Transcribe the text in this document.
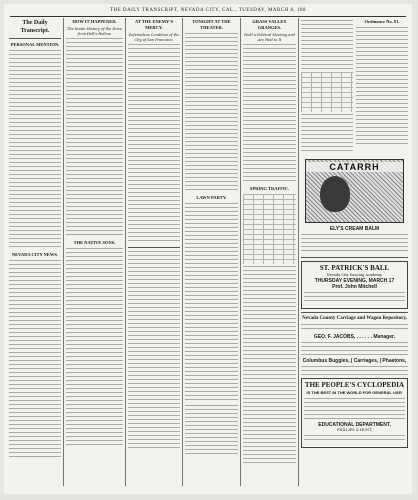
THE DAILY TRANSCRIPT, NEVADA CITY, CAL., TUESDAY, MARCH 8, 188
The Daily Transcript.
PERSONAL MENTION.
NEVADA CITY NEWS.
HOW IT HAPPENED.
The Inside History of the Drive from Hell's Hollow.
THE NATIVE SONS.
AT THE ENEMY'S MERCY.
Defenseless Condition of the City of San Francisco.
TONIGHT AT THE THEATER.
LAWN PARTY.
GRASS VALLEY GRANGES.
Hold a Political Meeting and Are Paid to It
SPRING TRAFFIC.
Ordinance No. 81.
CATARRH
ELY'S CREAM BALM
ST. PATRICK'S BALL
Nevada City Dancing Academy,
THURSDAY EVENING, MARCH 17
Prof. John Mitchell
Nevada County Carriage and Wagon Repository,
GEO. F. JACOBS, . . . . . . Manager.
Columbus Buggies, | Carriages, | Phaetons,
THE PEOPLE'S CYCLOPEDIA
IS THE BEST IN THE WORLD FOR GENERAL USE!
EDUCATIONAL DEPARTMENT,
PHILLIPS & HUNT,
